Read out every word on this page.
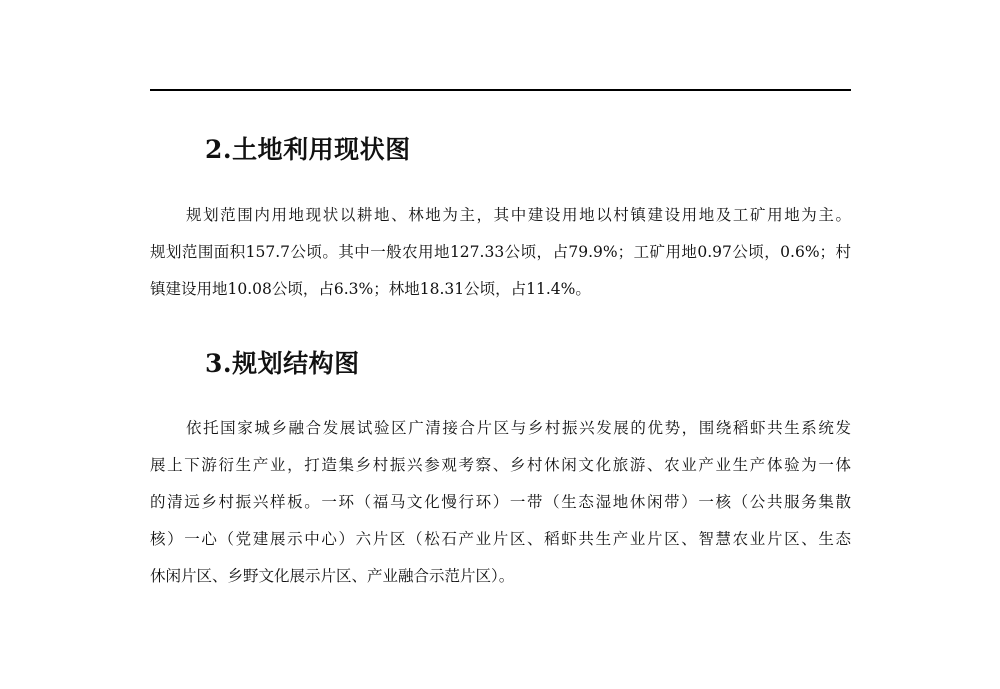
2.土地利用现状图
规划范围内用地现状以耕地、林地为主，其中建设用地以村镇建设用地及工矿用地为主。
规划范围面积157.7公顷。其中一般农用地127.33公顷，占79.9%；工矿用地0.97公顷，0.6%；村
镇建设用地10.08公顷，占6.3%；林地18.31公顷，占11.4%。
3.规划结构图
依托国家城乡融合发展试验区广清接合片区与乡村振兴发展的优势，围绕稻虾共生系统发
展上下游衍生产业，打造集乡村振兴参观考察、乡村休闲文化旅游、农业产业生产体验为一体
的清远乡村振兴样板。一环（福马文化慢行环）一带（生态湿地休闲带）一核（公共服务集散
核）一心（党建展示中心）六片区（松石产业片区、稻虾共生产业片区、智慧农业片区、生态
休闲片区、乡野文化展示片区、产业融合示范片区）。
